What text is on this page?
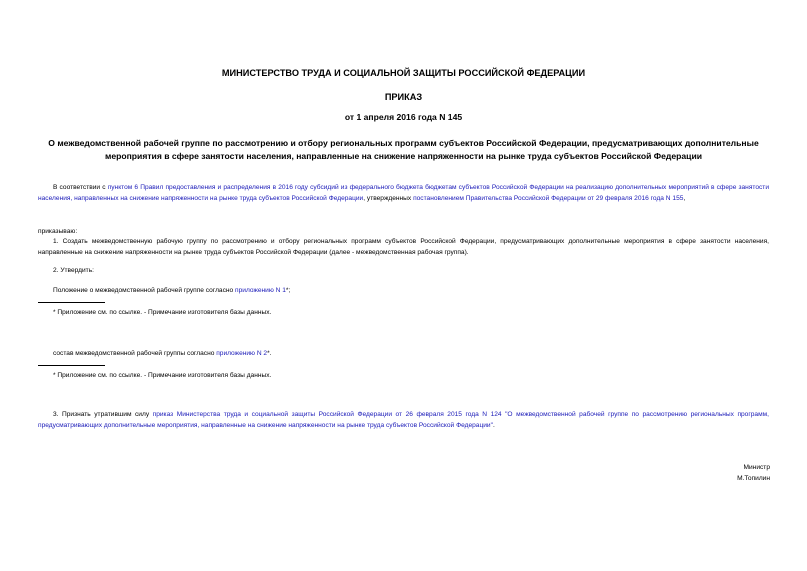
МИНИСТЕРСТВО ТРУДА И СОЦИАЛЬНОЙ ЗАЩИТЫ РОССИЙСКОЙ ФЕДЕРАЦИИ
ПРИКАЗ
от 1 апреля 2016 года N 145
О межведомственной рабочей группе по рассмотрению и отбору региональных программ субъектов Российской Федерации, предусматривающих дополнительные мероприятия в сфере занятости населения, направленные на снижение напряженности на рынке труда субъектов Российской Федерации
В соответствии с пунктом 6 Правил предоставления и распределения в 2016 году субсидий из федерального бюджета бюджетам субъектов Российской Федерации на реализацию дополнительных мероприятий в сфере занятости населения, направленных на снижение напряженности на рынке труда субъектов Российской Федерации, утвержденных постановлением Правительства Российской Федерации от 29 февраля 2016 года N 155,
приказываю:
1. Создать межведомственную рабочую группу по рассмотрению и отбору региональных программ субъектов Российской Федерации, предусматривающих дополнительные мероприятия в сфере занятости населения, направленные на снижение напряженности на рынке труда субъектов Российской Федерации (далее - межведомственная рабочая группа).
2. Утвердить:
Положение о межведомственной рабочей группе согласно приложению N 1*;
* Приложение см. по ссылке. - Примечание изготовителя базы данных.
состав межведомственной рабочей группы согласно приложению N 2*.
* Приложение см. по ссылке. - Примечание изготовителя базы данных.
3. Признать утратившим силу приказ Министерства труда и социальной защиты Российской Федерации от 26 февраля 2015 года N 124 "О межведомственной рабочей группе по рассмотрению региональных программ, предусматривающих дополнительные мероприятия, направленные на снижение напряженности на рынке труда субъектов Российской Федерации".
Министр
М.Топилин
